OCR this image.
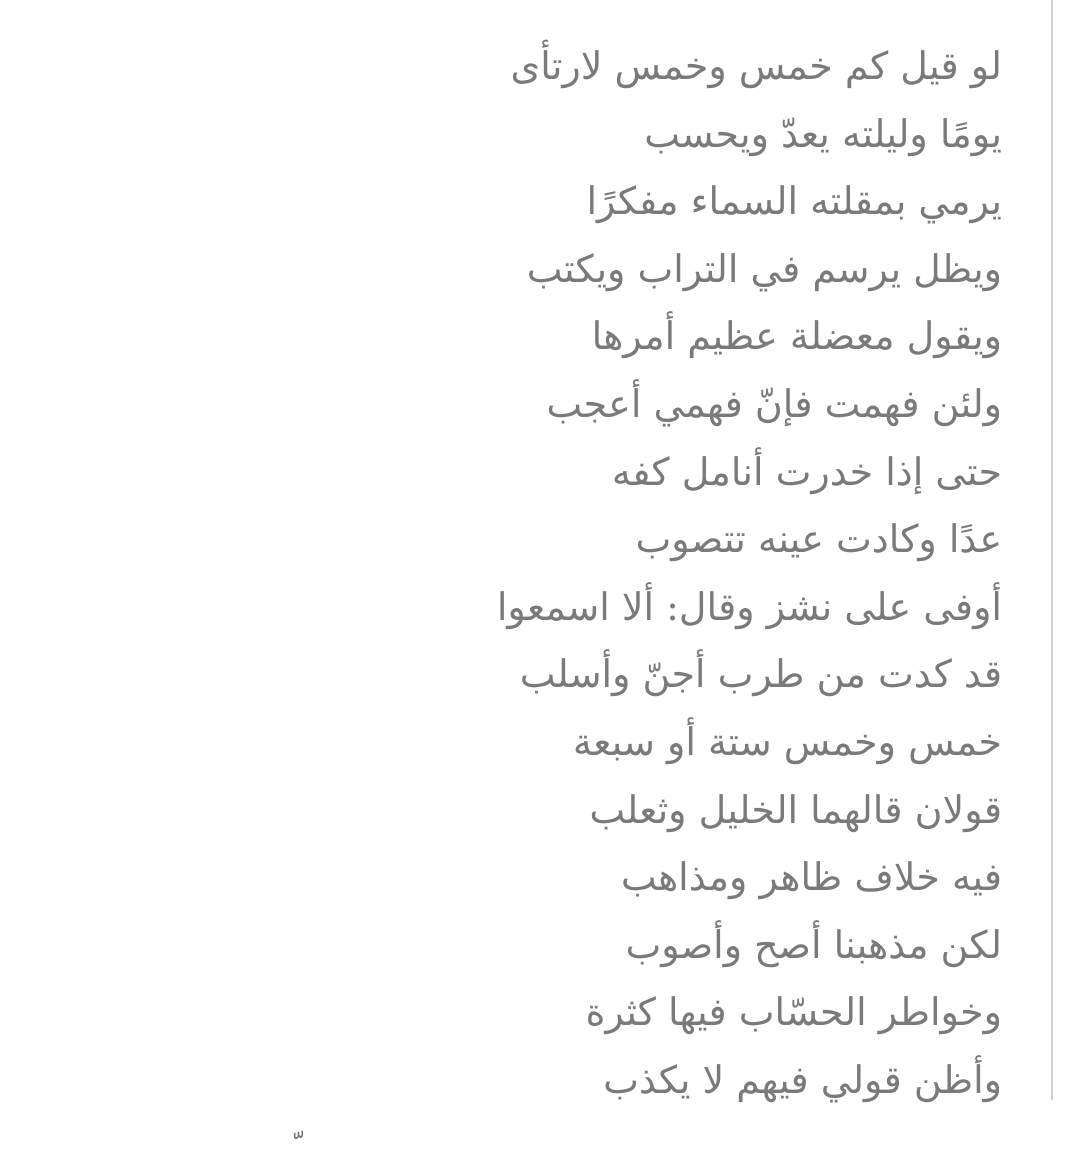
لو قيل كم خمس وخمس لارتأى
يومًا وليلته يعدّ ويحسب
يرمي بمقلته السماء مفكرًا
ويظل يرسم في التراب ويكتب
ويقول معضلة عظيم أمرها
ولئن فهمت فإنّ فهمي أعجب
حتى إذا خدرت أنامل كفه
عدًا وكادت عينه تتصوب
أوفى على نشز وقال: ألا اسمعوا
قد كدت من طرب أجنّ وأسلب
خمس وخمس ستة أو سبعة
قولان قالهما الخليل وثعلب
فيه خلاف ظاهر ومذاهب
لكن مذهبنا أصح وأصوب
وخواطر الحسّاب فيها كثرة
وأظن قولي فيهم لا يكذب
